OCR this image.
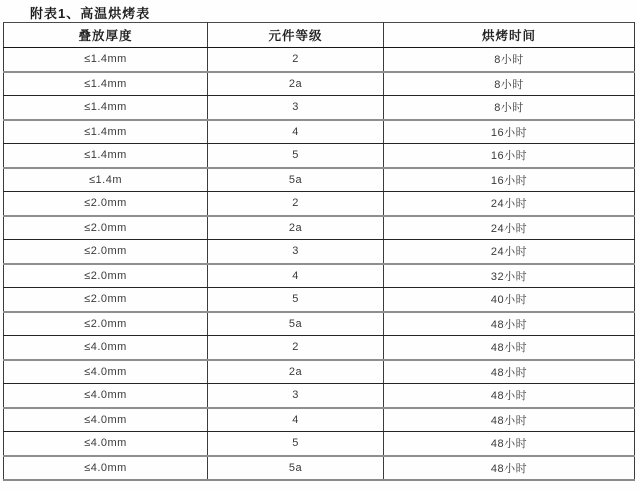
附表1、高温烘烤表
叠放厚度	元件等级	烘烤时间
≤1.4mm	2	8小时
≤1.4mm	2a	8小时
≤1.4mm	3	8小时
≤1.4mm	4	16小时
≤1.4mm	5	16小时
≤1.4m	5a	16小时
≤2.0mm	2	24小时
≤2.0mm	2a	24小时
≤2.0mm	3	24小时
≤2.0mm	4	32小时
≤2.0mm	5	40小时
≤2.0mm	5a	48小时
≤4.0mm	2	48小时
≤4.0mm	2a	48小时
≤4.0mm	3	48小时
≤4.0mm	4	48小时
≤4.0mm	5	48小时
≤4.0mm	5a	48小时
